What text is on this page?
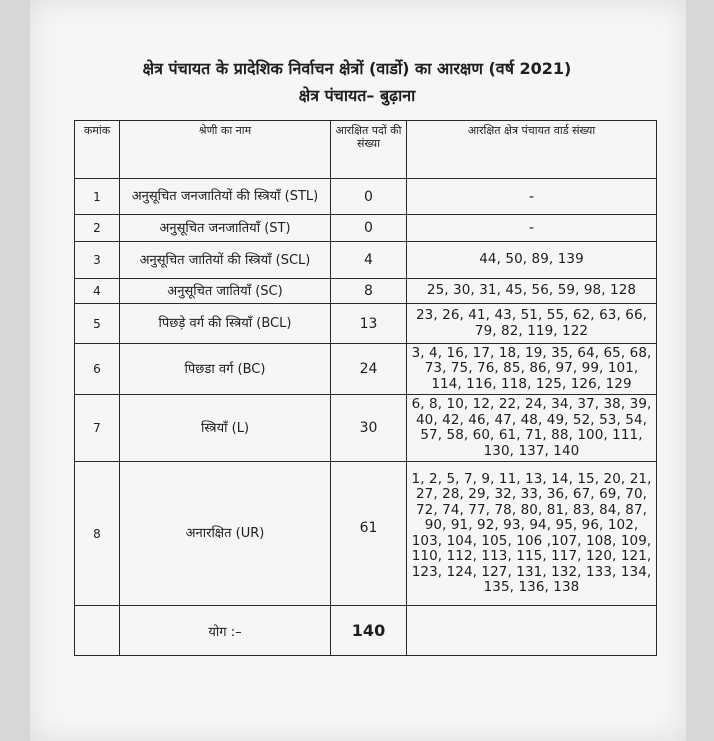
क्षेत्र पंचायत के प्रादेशिक निर्वाचन क्षेत्रों (वार्डो) का आरक्षण (वर्ष 2021)
क्षेत्र पंचायत– बुढ़ाना
कमांक	श्रेणी का नाम	आरक्षित पदों की संख्या	आरक्षित क्षेत्र पंचायत वार्ड संख्या
1	अनुसूचित जनजातियों की स्त्रियाँ (STL)	0	-
2	अनुसूचित जनजातियाँ (ST)	0	-
3	अनुसूचित जातियों की स्त्रियाँ (SCL)	4	44, 50, 89, 139
4	अनुसूचित जातियाँ (SC)	8	25, 30, 31, 45, 56, 59, 98, 128
5	पिछड़े वर्ग की स्त्रियाँ (BCL)	13	23, 26, 41, 43, 51, 55, 62, 63, 66, 79, 82, 119, 122
6	पिछडा वर्ग (BC)	24	3, 4, 16, 17, 18, 19, 35, 64, 65, 68, 73, 75, 76, 85, 86, 97, 99, 101, 114, 116, 118, 125, 126, 129
7	स्त्रियाँ (L)	30	6, 8, 10, 12, 22, 24, 34, 37, 38, 39, 40, 42, 46, 47, 48, 49, 52, 53, 54, 57, 58, 60, 61, 71, 88, 100, 111, 130, 137, 140
8	अनारक्षित (UR)	61	1, 2, 5, 7, 9, 11, 13, 14, 15, 20, 21, 27, 28, 29, 32, 33, 36, 67, 69, 70, 72, 74, 77, 78, 80, 81, 83, 84, 87, 90, 91, 92, 93, 94, 95, 96, 102, 103, 104, 105, 106 ,107, 108, 109, 110, 112, 113, 115, 117, 120, 121, 123, 124, 127, 131, 132, 133, 134, 135, 136, 138
	योग :–	140	
